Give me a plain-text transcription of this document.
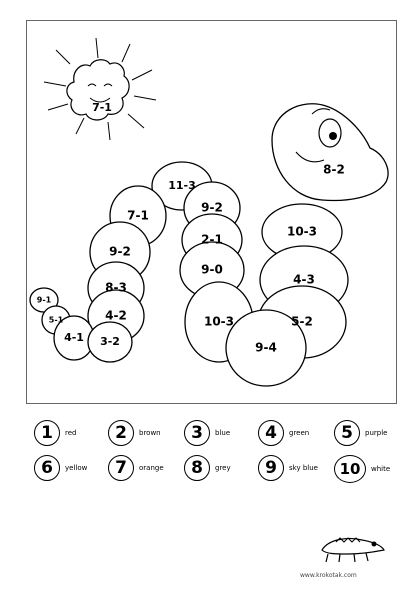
7-1
8-2
11-3
9-2
7-1
2-1
9-2
9-0
8-3
9-1
4-2
5-1
4-1 3-2
10-3
10-3
4-3
5-2
9-4
1	red	2	brown	3	blue	4	green	5	purple
6	yellow	7	orange	8	grey	9	sky blue	10	white
www.krokotak.com
